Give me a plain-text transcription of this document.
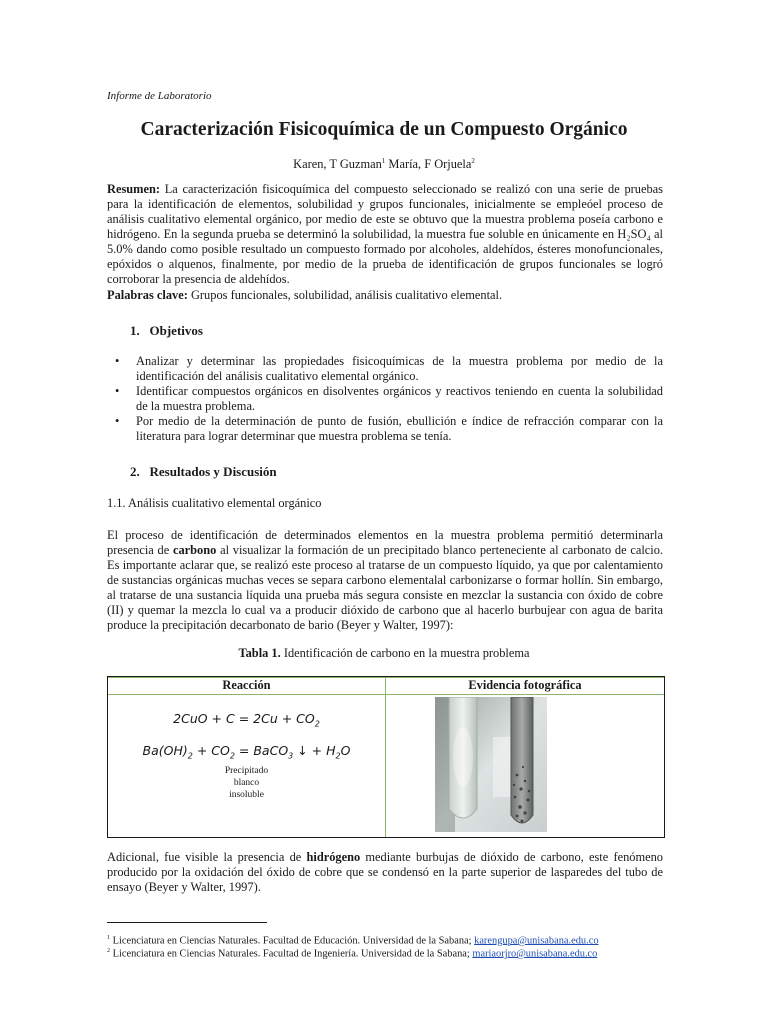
Informe de Laboratorio
Caracterización Fisicoquímica de un Compuesto Orgánico
Karen, T Guzman$^1$ María, F Orjuela$^2$
Resumen: La caracterización fisicoquímica del compuesto seleccionado se realizó con una serie de pruebas para la identificación de elementos, solubilidad y grupos funcionales, inicialmente se empleóel proceso de análisis cualitativo elemental orgánico, por medio de este se obtuvo que la muestra problema poseía carbono e hidrógeno. En la segunda prueba se determinó la solubilidad, la muestra fue soluble en únicamente en H₂SO₄ al 5.0% dando como posible resultado un compuesto formado por alcoholes, aldehídos, ésteres monofuncionales, epóxidos o alquenos, finalmente, por medio de la prueba de identificación de grupos funcionales se logró corroborar la presencia de aldehídos.
Palabras clave: Grupos funcionales, solubilidad, análisis cualitativo elemental.
1. Objetivos
• Analizar y determinar las propiedades fisicoquímicas de la muestra problema por medio de la identificación del análisis cualitativo elemental orgánico.
• Identificar compuestos orgánicos en disolventes orgánicos y reactivos teniendo en cuenta la solubilidad de la muestra problema.
• Por medio de la determinación de punto de fusión, ebullición e índice de refracción comparar con la literatura para lograr determinar que muestra problema se tenía.
2. Resultados y Discusión
1.1. Análisis cualitativo elemental orgánico
El proceso de identificación de determinados elementos en la muestra problema permitió determinarla presencia de carbono al visualizar la formación de un precipitado blanco perteneciente al carbonato de calcio. Es importante aclarar que, se realizó este proceso al tratarse de un compuesto líquido, ya que por calentamiento de sustancias orgánicas muchas veces se separa carbono elementalal carbonizarse o formar hollín. Sin embargo, al tratarse de una sustancia líquida una prueba más segura consiste en mezclar la sustancia con óxido de cobre (II) y quemar la mezcla lo cual va a producir dióxido de carbono que al hacerlo burbujear con agua de barita produce la precipitación decarbonato de bario (Beyer y Walter, 1997):
Tabla 1. Identificación de carbono en la muestra problema
Reacción	Evidencia fotográfica
$2CuO + C = 2Cu + CO_2$
$Ba(OH)_2 + CO_2$ = BaCO$_3$ ↓ + $H_2O$
Precipitado
blanco
insoluble
Adicional, fue visible la presencia de hidrógeno mediante burbujas de dióxido de carbono, este fenómeno producido por la oxidación del óxido de cobre que se condensó en la parte superior de lasparedes del tubo de ensayo (Beyer y Walter, 1997).
$^1$ Licenciatura en Ciencias Naturales. Facultad de Educación. Universidad de la Sabana; karengupa@unisabana.edu.co
$^2$ Licenciatura en Ciencias Naturales. Facultad de Ingeniería. Universidad de la Sabana; mariaorjro@unisabana.edu.co
